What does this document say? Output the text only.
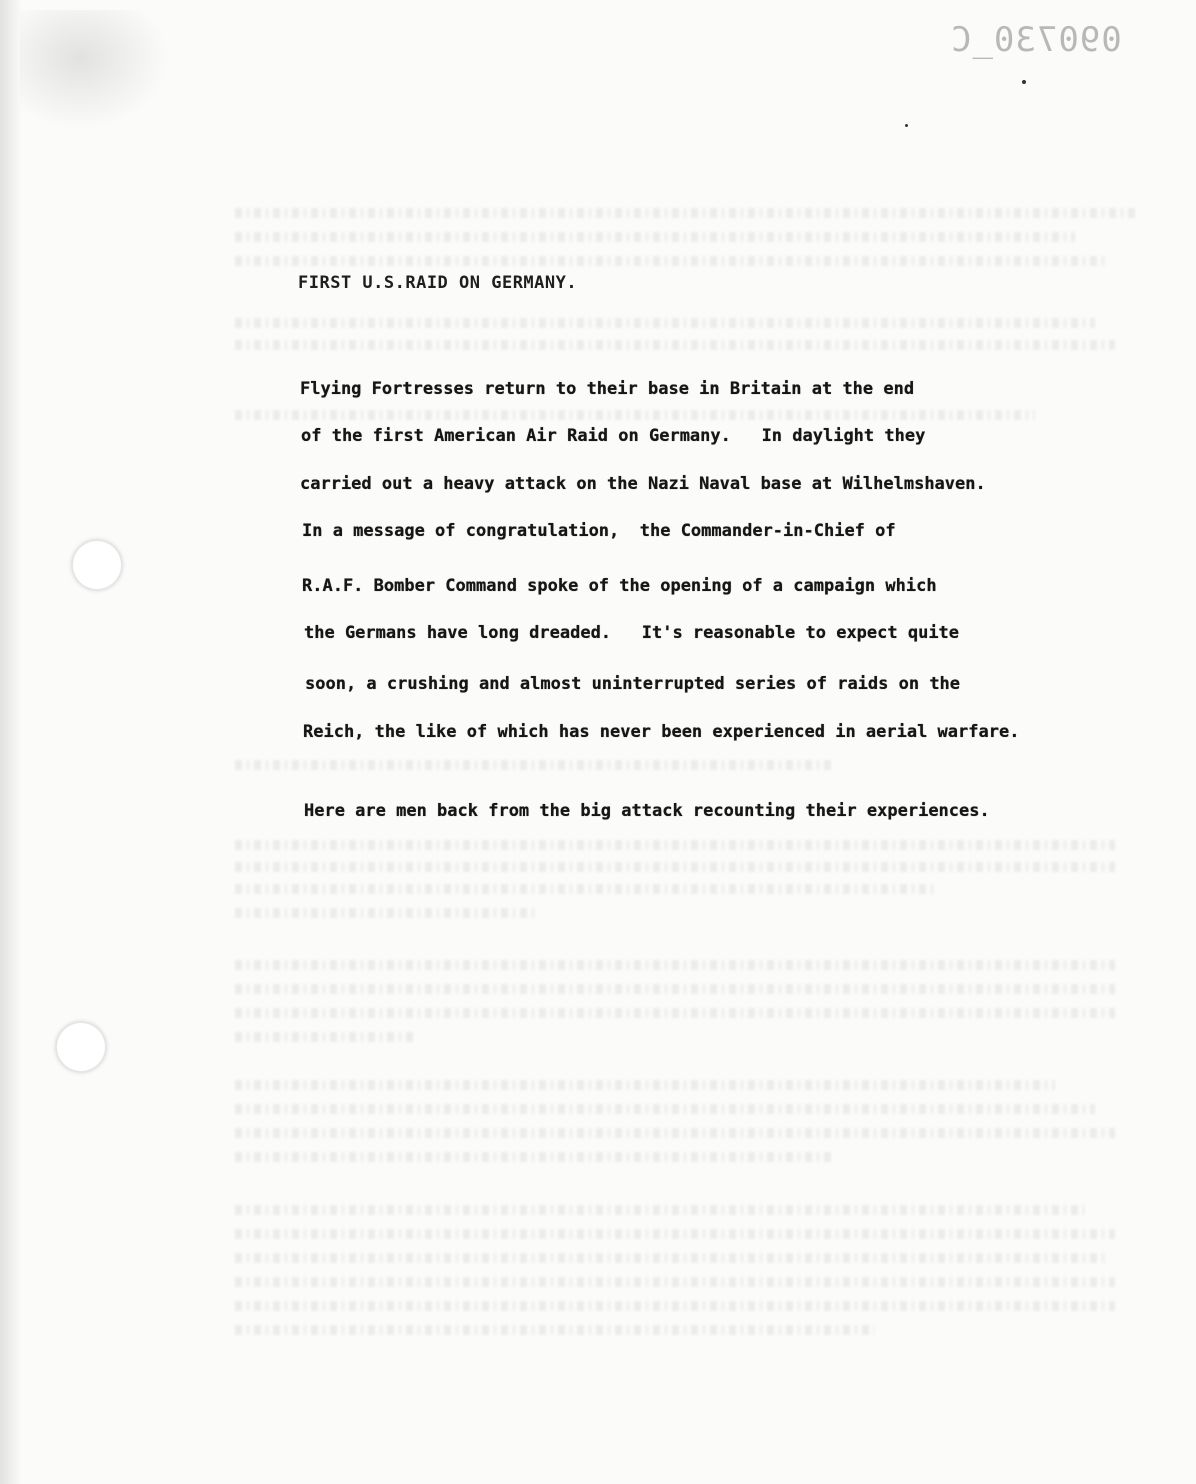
090730_C
FIRST U.S.RAID ON GERMANY.

Flying Fortresses return to their base in Britain at the end

of the first American Air Raid on Germany.   In daylight they

carried out a heavy attack on the Nazi Naval base at Wilhelmshaven.

In a message of congratulation,  the Commander-in-Chief of

R.A.F. Bomber Command spoke of the opening of a campaign which

the Germans have long dreaded.   It's reasonable to expect quite

soon, a crushing and almost uninterrupted series of raids on the

Reich, the like of which has never been experienced in aerial warfare.

Here are men back from the big attack recounting their experiences.
